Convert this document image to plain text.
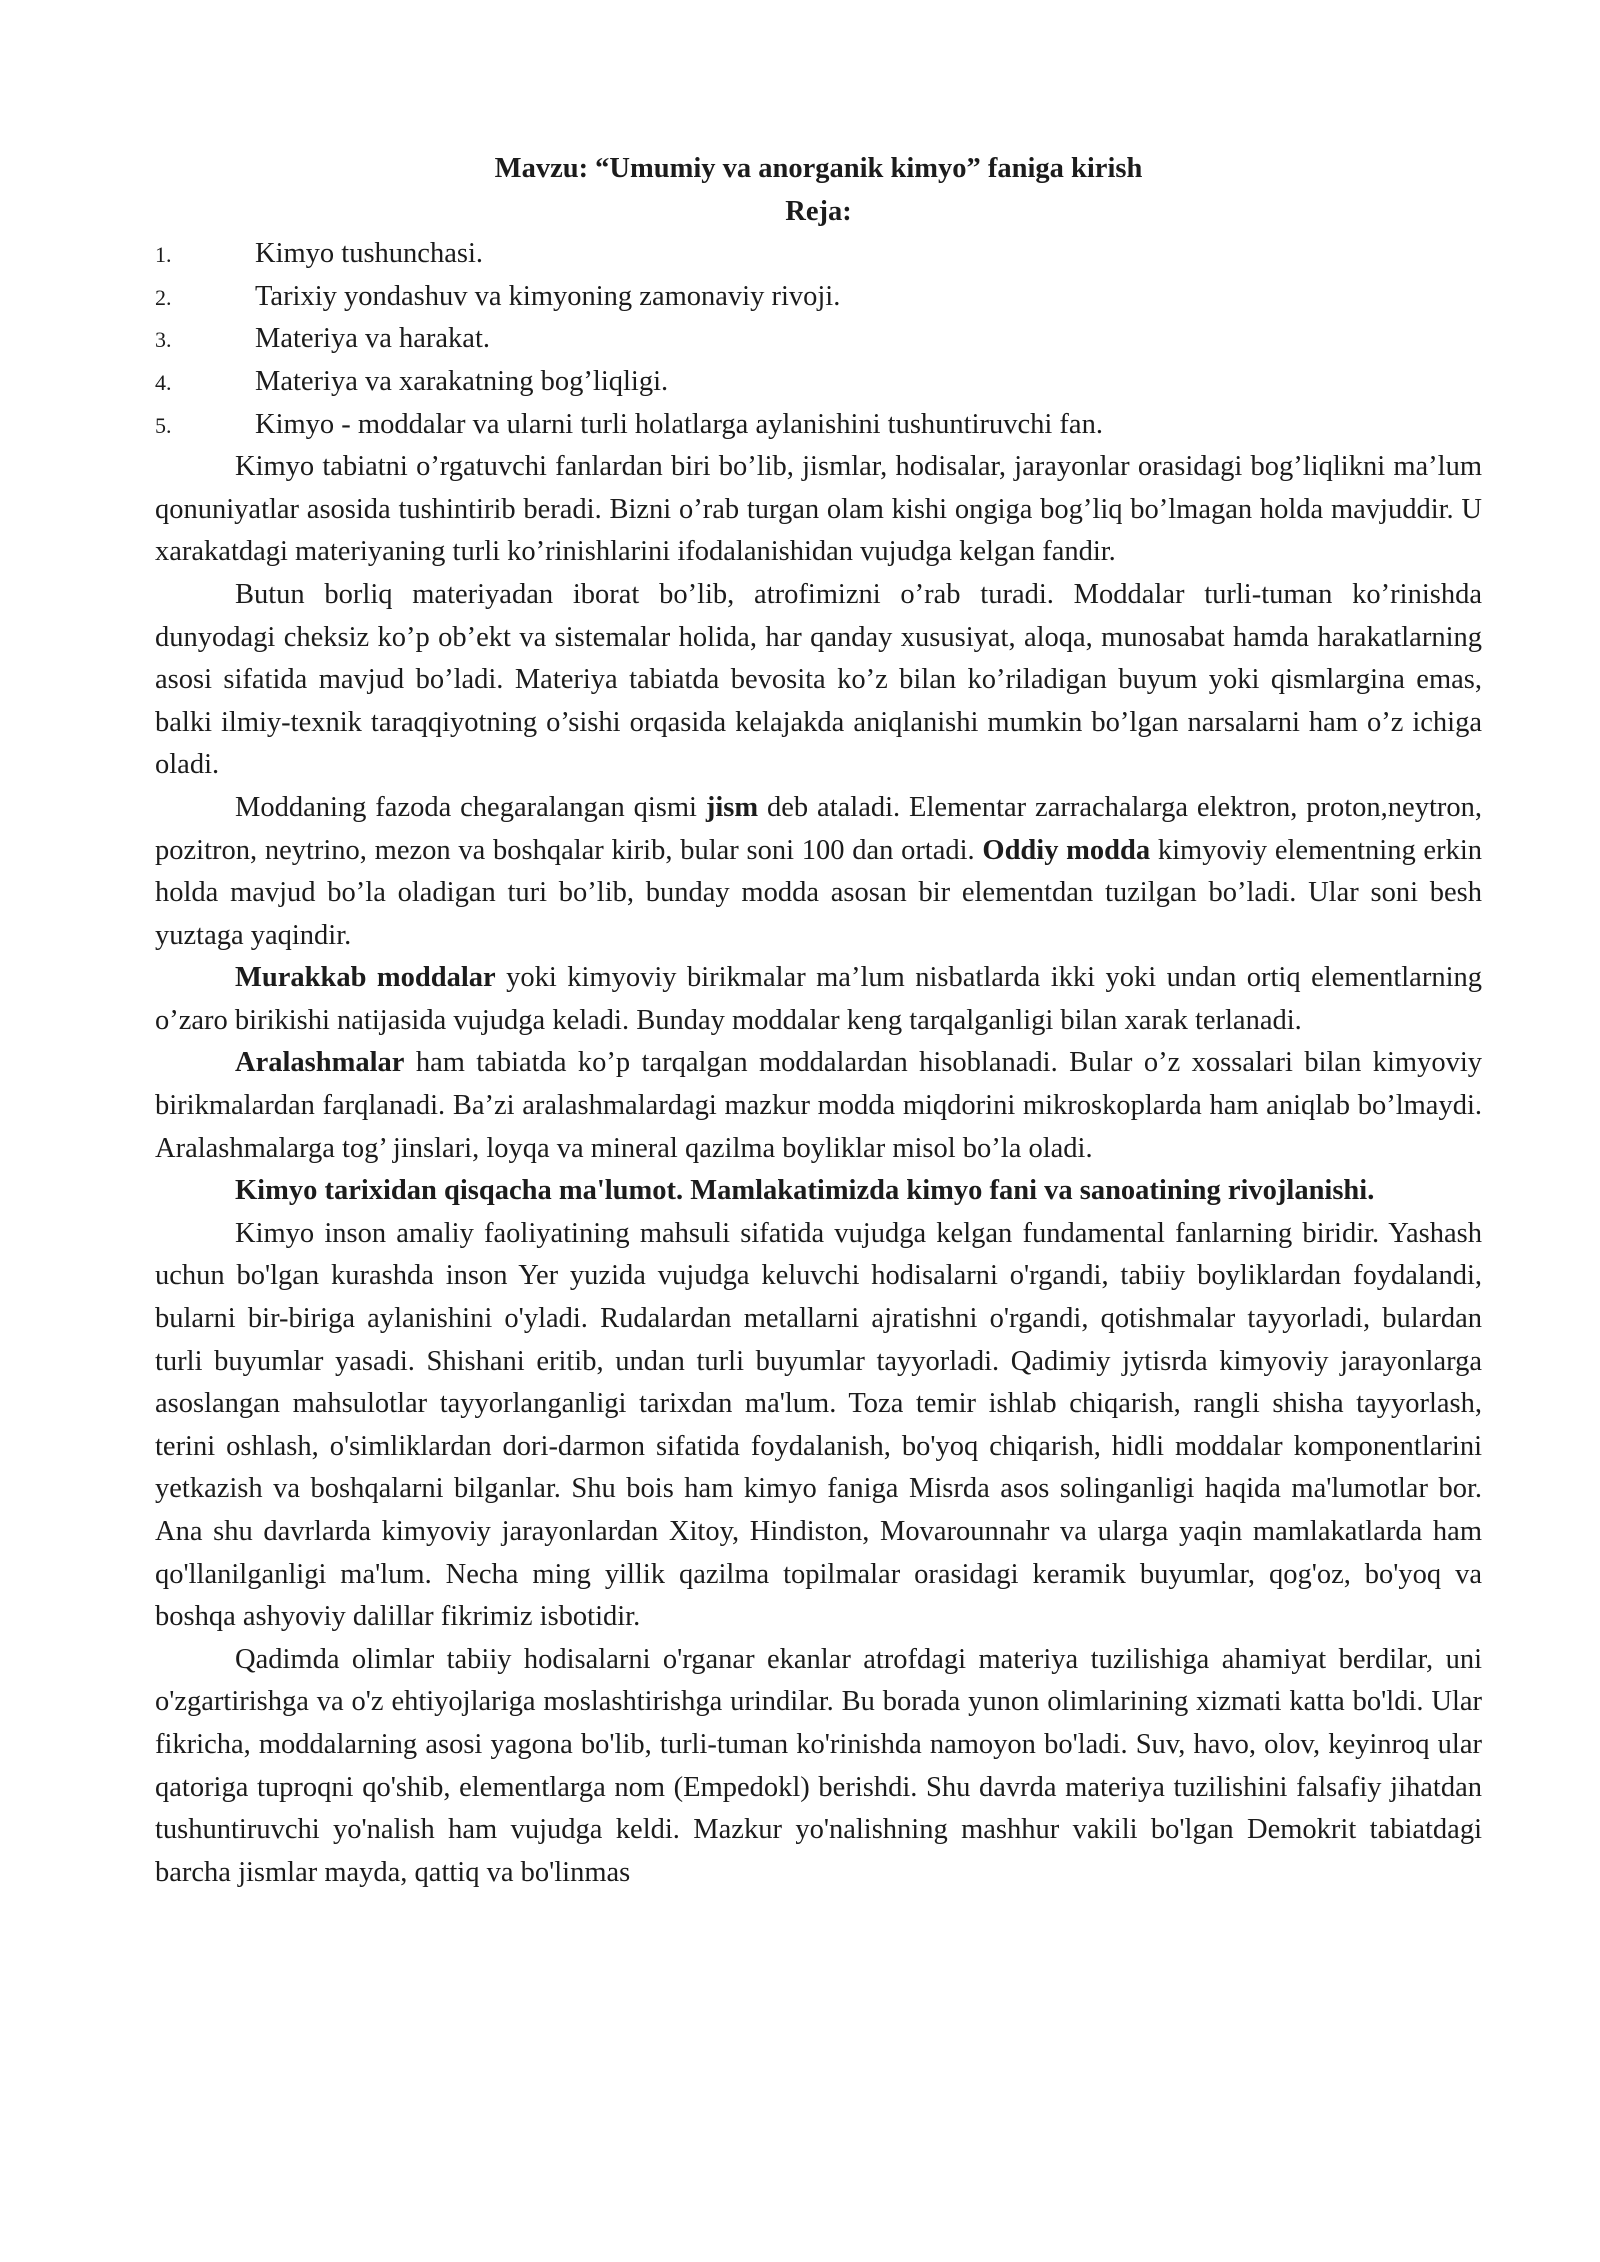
Mavzu: “Umumiy va anorganik kimyo” faniga kirish
Reja:
1.	Kimyo tushunchasi.
2.	Tarixiy yondashuv va kimyoning zamonaviy rivoji.
3.	Materiya va harakat.
4.	Materiya va xarakatning bog’liqligi.
5.	Kimyo - moddalar va ularni turli holatlarga aylanishini tushuntiruvchi fan.

Kimyo tabiatni o’rgatuvchi fanlardan biri bo’lib, jismlar, hodisalar, jarayonlar orasidagi bog’liqlikni ma’lum qonuniyatlar asosida tushintirib beradi. Bizni o’rab turgan olam kishi ongiga bog’liq bo’lmagan holda mavjuddir. U xarakatdagi materiyaning turli ko’rinishlarini ifodalanishidan vujudga kelgan fandir.

Butun borliq materiyadan iborat bo’lib, atrofimizni o’rab turadi. Moddalar turli-tuman ko’rinishda dunyodagi cheksiz ko’p ob’ekt va sistemalar holida, har qanday xususiyat, aloqa, munosabat hamda harakatlarning asosi sifatida mavjud bo’ladi. Materiya tabiatda bevosita ko’z bilan ko’riladigan buyum yoki qismlargina emas, balki ilmiy-texnik taraqqiyotning o’sishi orqasida kelajakda aniqlanishi mumkin bo’lgan narsalarni ham o’z ichiga oladi.

Moddaning fazoda chegaralangan qismi jism deb ataladi. Elementar zarrachalarga elektron, proton,neytron, pozitron, neytrino, mezon va boshqalar kirib, bular soni 100 dan ortadi. Oddiy modda kimyoviy elementning erkin holda mavjud bo’la oladigan turi bo’lib, bunday modda asosan bir elementdan tuzilgan bo’ladi. Ular soni besh yuztaga yaqindir.

Murakkab moddalar yoki kimyoviy birikmalar ma’lum nisbatlarda ikki yoki undan ortiq elementlarning o’zaro birikishi natijasida vujudga keladi. Bunday moddalar keng tarqalganligi bilan xarak terlanadi.

Aralashmalar ham tabiatda ko’p tarqalgan moddalardan hisoblanadi. Bular o’z xossalari bilan kimyoviy birikmalardan farqlanadi. Ba’zi aralashmalardagi mazkur modda miqdorini mikroskoplarda ham aniqlab bo’lmaydi. Aralashmalarga tog’ jinslari, loyqa va mineral qazilma boyliklar misol bo’la oladi.

Kimyo tarixidan qisqacha ma'lumot. Mamlakatimizda kimyo fani va sanoatining rivojlanishi.

Kimyo inson amaliy faoliyatining mahsuli sifatida vujudga kelgan fundamental fanlarning biridir. Yashash uchun bo'lgan kurashda inson Yer yuzida vujudga keluvchi hodisalarni o'rgandi, tabiiy boyliklardan foydalandi, bularni bir-biriga aylanishini o'yladi. Rudalardan metallarni ajratishni o'rgandi, qotishmalar tayyorladi, bulardan turli buyumlar yasadi. Shishani eritib, undan turli buyumlar tayyorladi. Qadimiy jytisrda kimyoviy jarayonlarga asoslangan mahsulotlar tayyorlanganligi tarixdan ma'lum. Toza temir ishlab chiqarish, rangli shisha tayyorlash, terini oshlash, o'simliklardan dori-darmon sifatida foydalanish, bo'yoq chiqarish, hidli moddalar komponentlarini yetkazish va boshqalarni bilganlar. Shu bois ham kimyo faniga Misrda asos solinganligi haqida ma'lumotlar bor. Ana shu davrlarda kimyoviy jarayonlardan Xitoy, Hindiston, Movarounnahr va ularga yaqin mamlakatlarda ham qo'llanilganligi ma'lum. Necha ming yillik qazilma topilmalar orasidagi keramik buyumlar, qog'oz, bo'yoq va boshqa ashyoviy dalillar fikrimiz isbotidir.

Qadimda olimlar tabiiy hodisalarni o'rganar ekanlar atrofdagi materiya tuzilishiga ahamiyat berdilar, uni o'zgartirishga va o'z ehtiyojlariga moslashtirishga urindilar. Bu borada yunon olimlarining xizmati katta bo'ldi. Ular fikricha, moddalarning asosi yagona bo'lib, turli-tuman ko'rinishda namoyon bo'ladi. Suv, havo, olov, keyinroq ular qatoriga tuproqni qo'shib, elementlarga nom (Empedokl) berishdi. Shu davrda materiya tuzilishini falsafiy jihatdan tushuntiruvchi yo'nalish ham vujudga keldi. Mazkur yo'nalishning mashhur vakili bo'lgan Demokrit tabiatdagi barcha jismlar mayda, qattiq va bo'linmas
